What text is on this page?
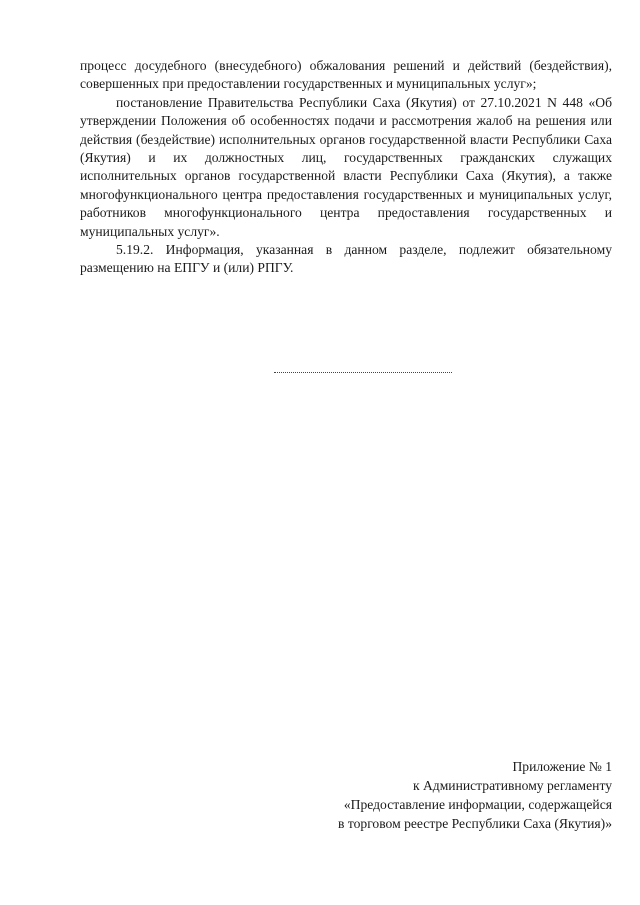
процесс досудебного (внесудебного) обжалования решений и действий (бездействия), совершенных при предоставлении государственных и муниципальных услуг»;

постановление Правительства Республики Саха (Якутия) от 27.10.2021 N 448 «Об утверждении Положения об особенностях подачи и рассмотрения жалоб на решения или действия (бездействие) исполнительных органов государственной власти Республики Саха (Якутия) и их должностных лиц, государственных гражданских служащих исполнительных органов государственной власти Республики Саха (Якутия), а также многофункционального центра предоставления государственных и муниципальных услуг, работников многофункционального центра предоставления государственных и муниципальных услуг».

5.19.2. Информация, указанная в данном разделе, подлежит обязательному размещению на ЕПГУ и (или) РПГУ.

Приложение № 1
к Административному регламенту
«Предоставление информации, содержащейся
в торговом реестре Республики Саха (Якутия)»
